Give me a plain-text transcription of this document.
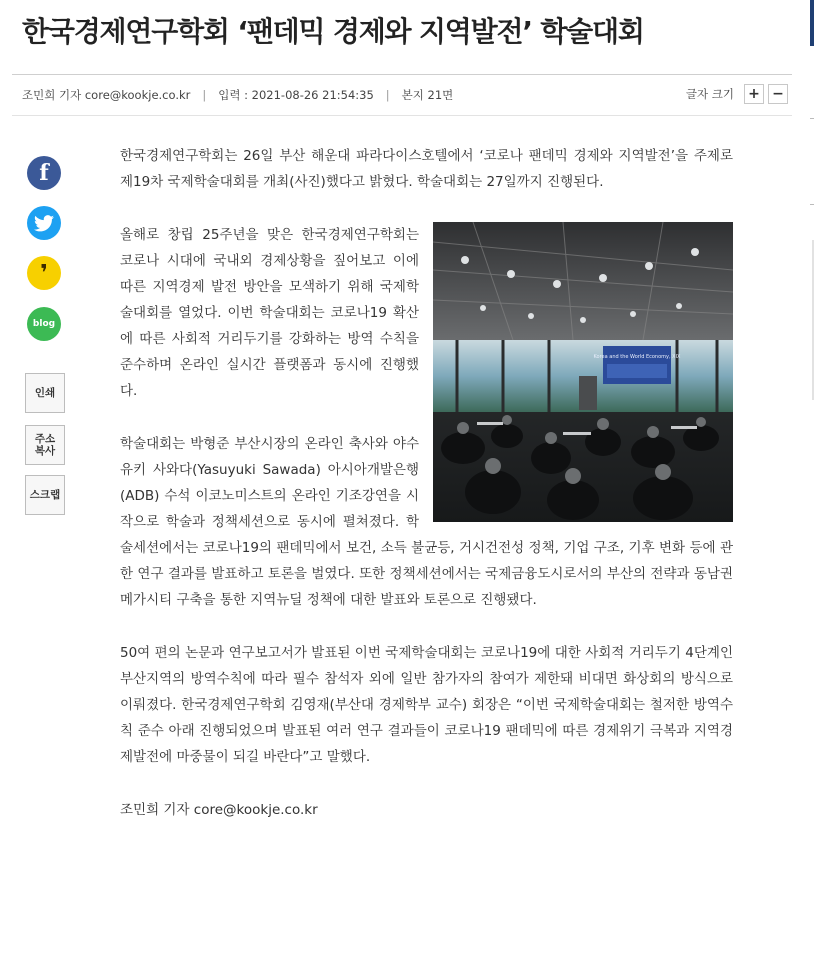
한국경제연구학회 ‘팬데믹 경제와 지역발전’ 학술대회
조민희 기자 core@kookje.co.kr | 입력 : 2021-08-26 21:54:35 | 본지 21면	글자 크기 + −
f
❜
blog
인쇄
주소
복사
스크랩

한국경제연구학회는 26일 부산 해운대 파라다이스호텔에서 ‘코로나 팬데믹 경제와 지역발전’을 주제로 제19차 국제학술대회를 개최(사진)했다고 밝혔다. 학술대회는 27일까지 진행된다.

Korea and the World Economy, XIX

올해로 창립 25주년을 맞은 한국경제연구학회는 코로나 시대에 국내외 경제상황을 짚어보고 이에 따른 지역경제 발전 방안을 모색하기 위해 국제학술대회를 열었다. 이번 학술대회는 코로나19 확산에 따른 사회적 거리두기를 강화하는 방역 수칙을 준수하며 온라인 실시간 플랫폼과 동시에 진행했다.

학술대회는 박형준 부산시장의 온라인 축사와 야수유키 사와다(Yasuyuki Sawada) 아시아개발은행(ADB) 수석 이코노미스트의 온라인 기조강연을 시작으로 학술과 정책세션으로 동시에 펼쳐졌다. 학술세션에서는 코로나19의 팬데믹에서 보건, 소득 불균등, 거시건전성 정책, 기업 구조, 기후 변화 등에 관한 연구 결과를 발표하고 토론을 벌였다. 또한 정책세션에서는 국제금융도시로서의 부산의 전략과 동남권 메가시티 구축을 통한 지역뉴딜 정책에 대한 발표와 토론으로 진행됐다.

50여 편의 논문과 연구보고서가 발표된 이번 국제학술대회는 코로나19에 대한 사회적 거리두기 4단계인 부산지역의 방역수칙에 따라 필수 참석자 외에 일반 참가자의 참여가 제한돼 비대면 화상회의 방식으로 이뤄졌다. 한국경제연구학회 김영재(부산대 경제학부 교수) 회장은 “이번 국제학술대회는 철저한 방역수칙 준수 아래 진행되었으며 발표된 여러 연구 결과들이 코로나19 팬데믹에 따른 경제위기 극복과 지역경제발전에 마중물이 되길 바란다”고 말했다.

조민희 기자 core@kookje.co.kr
